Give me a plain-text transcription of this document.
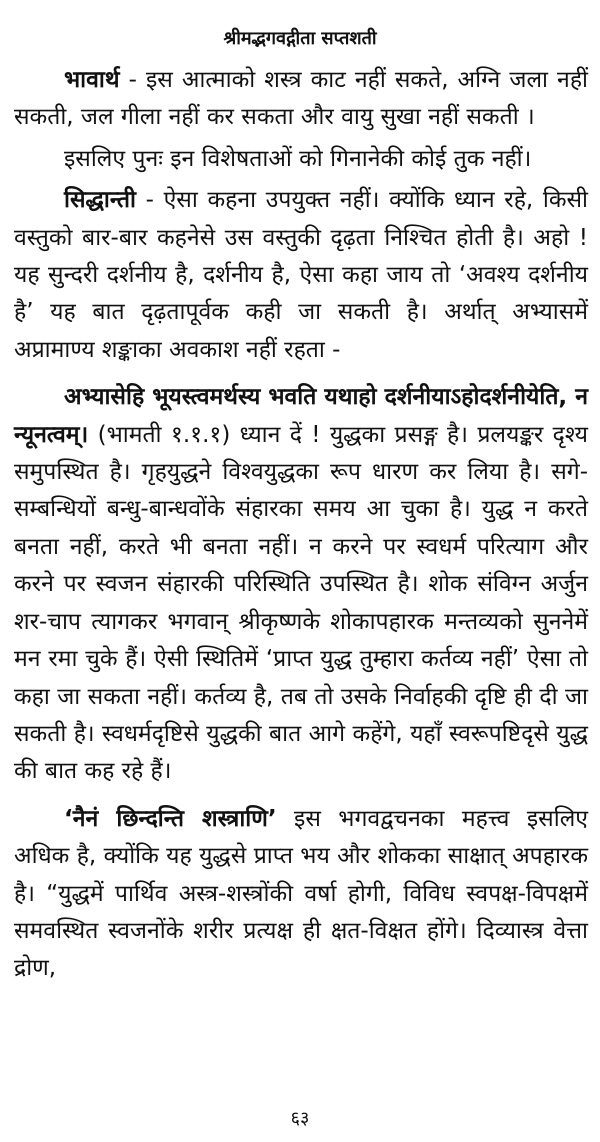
श्रीमद्भगवद्गीता सप्तशती

भावार्थ - इस आत्माको शस्त्र काट नहीं सकते, अग्नि जला नहीं सकती, जल गीला नहीं कर सकता और वायु सुखा नहीं सकती ।

इसलिए पुनः इन विशेषताओं को गिनानेकी कोई तुक नहीं।

सिद्धान्ती - ऐसा कहना उपयुक्त नहीं। क्योंकि ध्यान रहे, किसी वस्तुको बार-बार कहनेसे उस वस्तुकी दृढ़ता निश्चित होती है। अहो ! यह सुन्दरी दर्शनीय है, दर्शनीय है, ऐसा कहा जाय तो ‘अवश्य दर्शनीय है’ यह बात दृढ़तापूर्वक कही जा सकती है। अर्थात् अभ्यासमें अप्रामाण्य शङ्काका अवकाश नहीं रहता -

अभ्यासेहि भूयस्त्वमर्थस्य भवति यथाहो दर्शनीयाऽहोदर्शनीयेति, न न्यूनत्वम्। (भामती १.१.१) ध्यान दें ! युद्धका प्रसङ्ग है। प्रलयङ्कर दृश्य समुपस्थित है। गृहयुद्धने विश्वयुद्धका रूप धारण कर लिया है। सगे-सम्बन्धियों बन्धु-बान्धवोंके संहारका समय आ चुका है। युद्ध न करते बनता नहीं, करते भी बनता नहीं। न करने पर स्वधर्म परित्याग और करने पर स्वजन संहारकी परिस्थिति उपस्थित है। शोक संविग्न अर्जुन शर-चाप त्यागकर भगवान् श्रीकृष्णके शोकापहारक मन्तव्यको सुननेमें मन रमा चुके हैं। ऐसी स्थितिमें ‘प्राप्त युद्ध तुम्हारा कर्तव्य नहीं’ ऐसा तो कहा जा सकता नहीं। कर्तव्य है, तब तो उसके निर्वाहकी दृष्टि ही दी जा सकती है। स्वधर्मदृष्टिसे युद्धकी बात आगे कहेंगे, यहाँ स्वरूपष्टिदृसे युद्ध की बात कह रहे हैं।

‘नैनं छिन्दन्ति शस्त्राणि’ इस भगवद्वचनका महत्त्व इसलिए अधिक है, क्योंकि यह युद्धसे प्राप्त भय और शोकका साक्षात् अपहारक है। “युद्धमें पार्थिव अस्त्र-शस्त्रोंकी वर्षा होगी, विविध स्वपक्ष-विपक्षमें समवस्थित स्वजनोंके शरीर प्रत्यक्ष ही क्षत-विक्षत होंगे। दिव्यास्त्र वेत्ता द्रोण,

६३
